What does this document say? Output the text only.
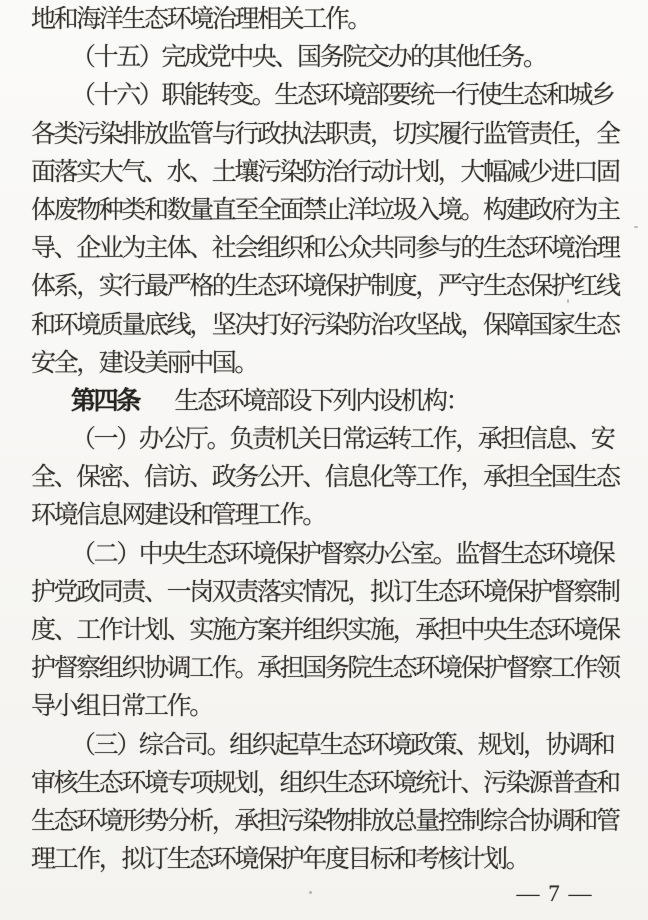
地和海洋生态环境治理相关工作。
（十五）完成党中央、国务院交办的其他任务。
（十六）职能转变。生态环境部要统一行使生态和城乡
各类污染排放监管与行政执法职责，切实履行监管责任，全
面落实大气、水、土壤污染防治行动计划，大幅减少进口固
体废物种类和数量直至全面禁止洋垃圾入境。构建政府为主
导、企业为主体、社会组织和公众共同参与的生态环境治理
体系，实行最严格的生态环境保护制度，严守生态保护红线
和环境质量底线，坚决打好污染防治攻坚战，保障国家生态
安全，建设美丽中国。
第四条　生态环境部设下列内设机构：
（一）办公厅。负责机关日常运转工作，承担信息、安
全、保密、信访、政务公开、信息化等工作，承担全国生态
环境信息网建设和管理工作。
（二）中央生态环境保护督察办公室。监督生态环境保
护党政同责、一岗双责落实情况，拟订生态环境保护督察制
度、工作计划、实施方案并组织实施，承担中央生态环境保
护督察组织协调工作。承担国务院生态环境保护督察工作领
导小组日常工作。
（三）综合司。组织起草生态环境政策、规划，协调和
审核生态环境专项规划，组织生态环境统计、污染源普查和
生态环境形势分析，承担污染物排放总量控制综合协调和管
理工作，拟订生态环境保护年度目标和考核计划。
— 7 —
